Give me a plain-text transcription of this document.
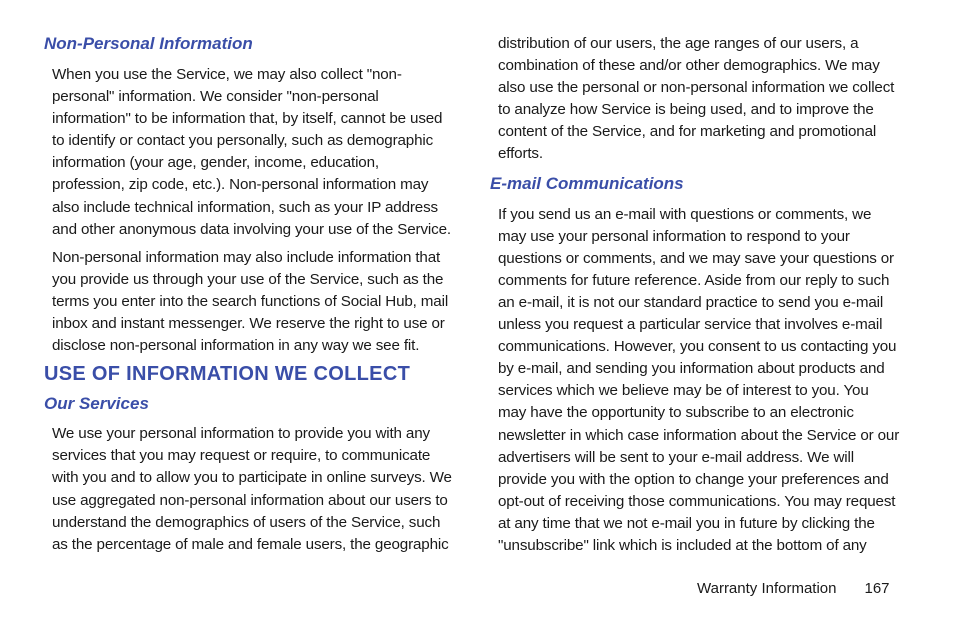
Non-Personal Information

When you use the Service, we may also collect "non-personal" information. We consider "non-personal information" to be information that, by itself, cannot be used to identify or contact you personally, such as demographic information (your age, gender, income, education, profession, zip code, etc.). Non-personal information may also include technical information, such as your IP address and other anonymous data involving your use of the Service.

Non-personal information may also include information that you provide us through your use of the Service, such as the terms you enter into the search functions of Social Hub, mail inbox and instant messenger. We reserve the right to use or disclose non-personal information in any way we see fit.

USE OF INFORMATION WE COLLECT
Our Services

We use your personal information to provide you with any services that you may request or require, to communicate with you and to allow you to participate in online surveys. We use aggregated non-personal information about our users to understand the demographics of users of the Service, such as the percentage of male and female users, the geographic

distribution of our users, the age ranges of our users, a combination of these and/or other demographics. We may also use the personal or non-personal information we collect to analyze how Service is being used, and to improve the content of the Service, and for marketing and promotional efforts.

E-mail Communications

If you send us an e-mail with questions or comments, we may use your personal information to respond to your questions or comments, and we may save your questions or comments for future reference. Aside from our reply to such an e-mail, it is not our standard practice to send you e-mail unless you request a particular service that involves e-mail communications. However, you consent to us contacting you by e-mail, and sending you information about products and services which we believe may be of interest to you. You may have the opportunity to subscribe to an electronic newsletter in which case information about the Service or our advertisers will be sent to your e-mail address. We will provide you with the option to change your preferences and opt-out of receiving those communications. You may request at any time that we not e-mail you in future by clicking the "unsubscribe" link which is included at the bottom of any

Warranty Information 167
